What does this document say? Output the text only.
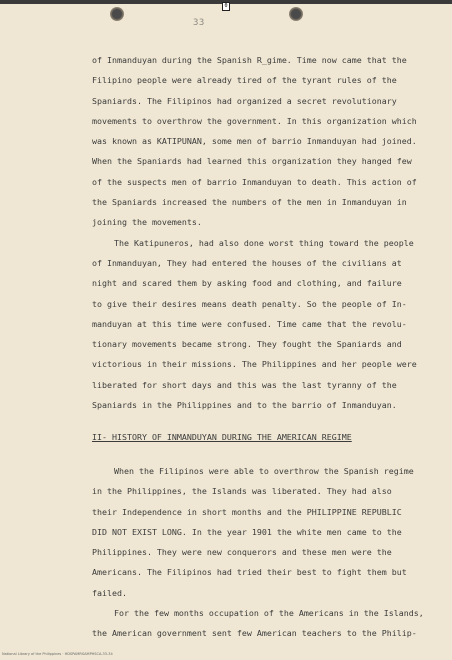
0
33
of Inmanduyan during the Spanish R_gime. Time now came that the
Filipino people were already tired of the tyrant rules of the
Spaniards. The Filipinos had organized a secret revolutionary
movements to overthrow the government. In this organization which
was known as KATIPUNAN, some men of barrio Inmanduyan had joined.
When the Spaniards had learned this organization they hanged few
of the suspects men of barrio Inmanduyan to death. This action of
the Spaniards increased the numbers of the men in Inmanduyan in
joining the movements.
The Katipuneros, had also done worst thing toward the people
of Inmanduyan, They had entered the houses of the civilians at
night and scared them by asking food and clothing, and failure
to give their desires means death penalty. So the people of In-
manduyan at this time were confused. Time came that the revolu-
tionary movements became strong. They fought the Spaniards and
victorious in their missions. The Philippines and her people were
liberated for short days and this was the last tyranny of the
Spaniards in the Philippines and to the barrio of Inmanduyan.
II- HISTORY OF INMANDUYAN DURING THE AMERICAN REGIME
When the Filipinos were able to overthrow the Spanish regime
in the Philippines, the Islands was liberated. They had also
their Independence in short months and the PHILIPPINE REPUBLIC
DID NOT EXIST LONG. In the year 1901 the white men came to the
Philippines. They were new conquerors and these men were the
Americans. The Filipinos had tried their best to fight them but
failed.
For the few months occupation of the Americans in the Islands,
the American government sent few American teachers to the Philip-
National Library of the Philippines · HDSPAMRSAMPHSCA-33-34
